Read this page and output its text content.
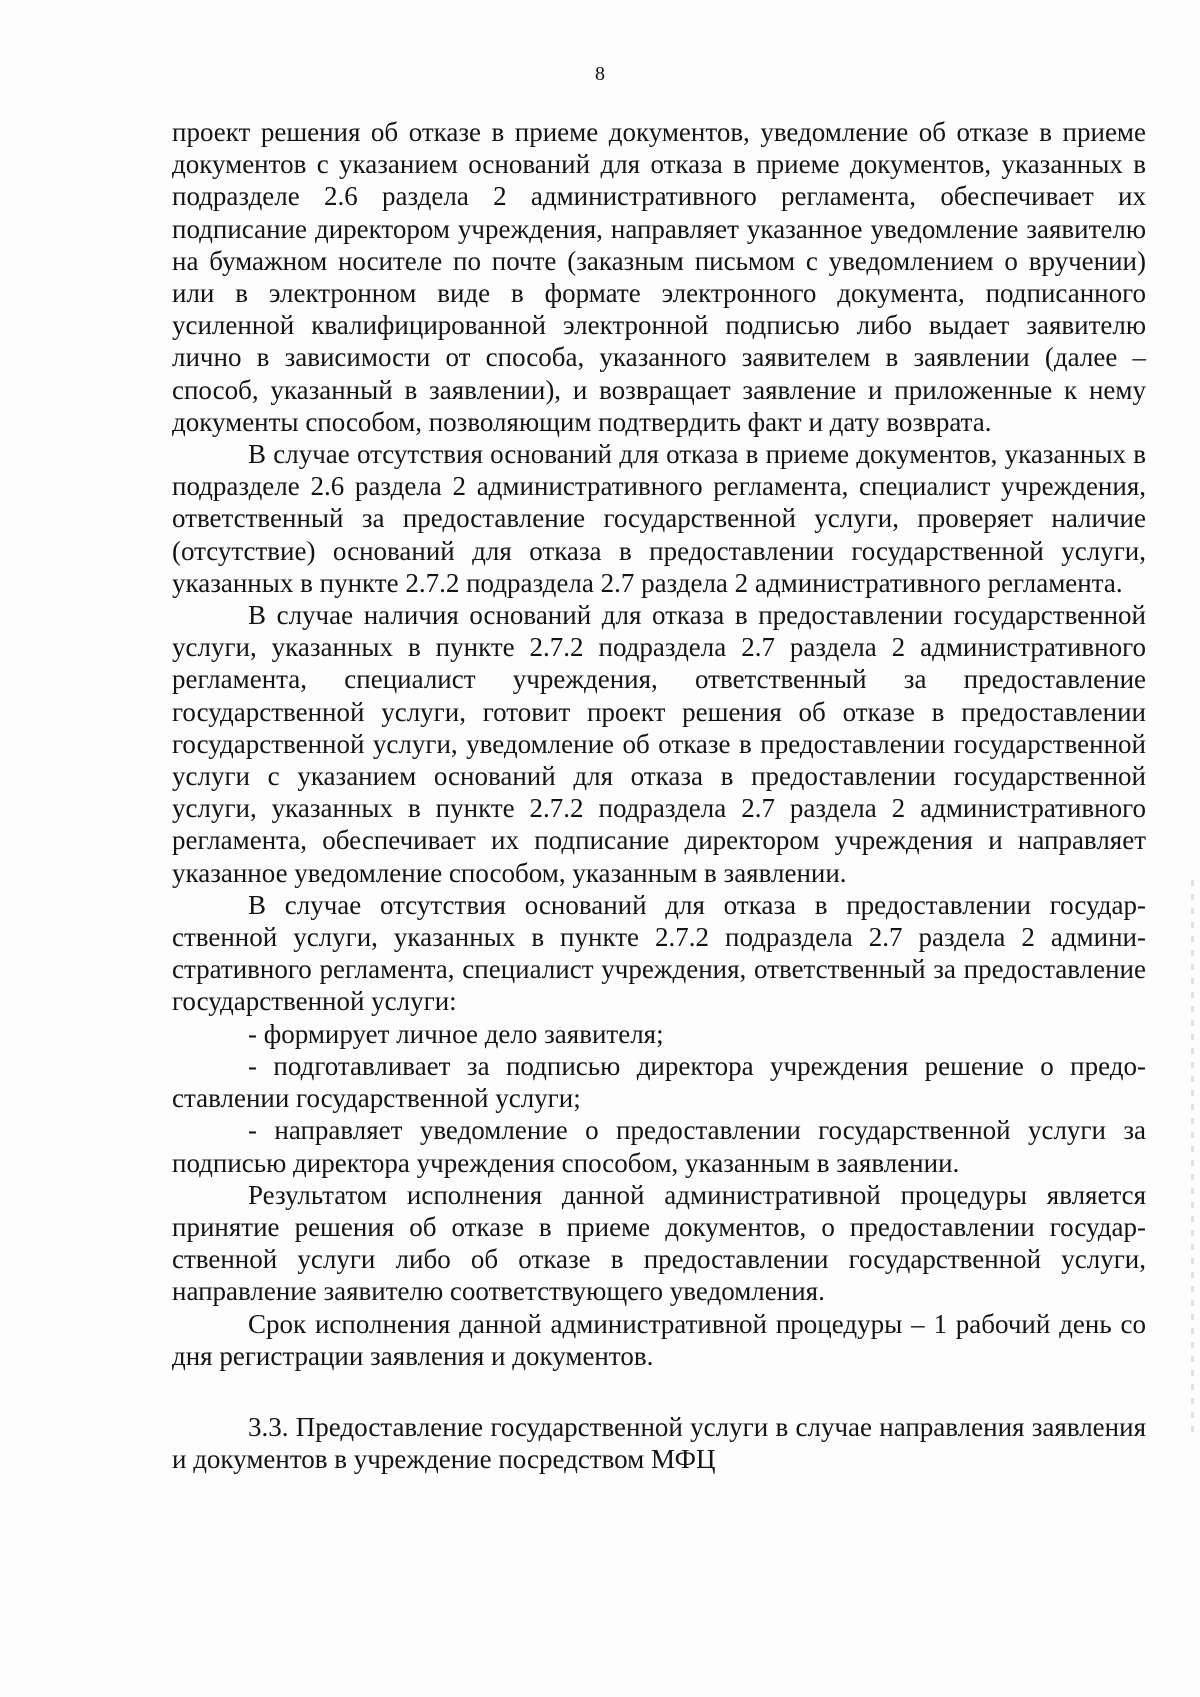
8

проект решения об отказе в приеме документов, уведомление об отказе в приеме документов с указанием оснований для отказа в приеме документов, указанных в подразделе 2.6 раздела 2 административного регламента, обеспечивает их подписание директором учреждения, направляет указанное уведомление заявителю на бумажном носителе по почте (заказным письмом с уведомлением о вручении) или в электронном виде в формате электронного документа, подписанного усиленной квалифицированной электронной подписью либо выдает заявителю лично в зависимости от способа, указанного заявителем в заявлении (далее – способ, указанный в заявлении), и возвращает заявление и приложенные к нему документы способом, позволяющим подтвердить факт и дату возврата.

В случае отсутствия оснований для отказа в приеме документов, указанных в подразделе 2.6 раздела 2 административного регламента, специалист учреждения, ответственный за предоставление государственной услуги, проверяет наличие (отсутствие) оснований для отказа в предоставлении государственной услуги, указанных в пункте 2.7.2 подраздела 2.7 раздела 2 административного регламента.

В случае наличия оснований для отказа в предоставлении государственной услуги, указанных в пункте 2.7.2 подраздела 2.7 раздела 2 административного регламента, специалист учреждения, ответственный за предоставление государственной услуги, готовит проект решения об отказе в предоставлении государственной услуги, уведомление об отказе в предоставлении государственной услуги с указанием оснований для отказа в предоставлении государственной услуги, указанных в пункте 2.7.2 подраздела 2.7 раздела 2 административного регламента, обеспечивает их подписание директором учреждения и направляет указанное уведомление способом, указанным в заявлении.

В случае отсутствия оснований для отказа в предоставлении государственной услуги, указанных в пункте 2.7.2 подраздела 2.7 раздела 2 административного регламента, специалист учреждения, ответственный за предоставление государственной услуги:

- формирует личное дело заявителя;

- подготавливает за подписью директора учреждения решение о предоставлении государственной услуги;

- направляет уведомление о предоставлении государственной услуги за подписью директора учреждения способом, указанным в заявлении.

Результатом исполнения данной административной процедуры является принятие решения об отказе в приеме документов, о предоставлении государственной услуги либо об отказе в предоставлении государственной услуги, направление заявителю соответствующего уведомления.

Срок исполнения данной административной процедуры – 1 рабочий день со дня регистрации заявления и документов.

3.3. Предоставление государственной услуги в случае направления заявления и документов в учреждение посредством МФЦ
